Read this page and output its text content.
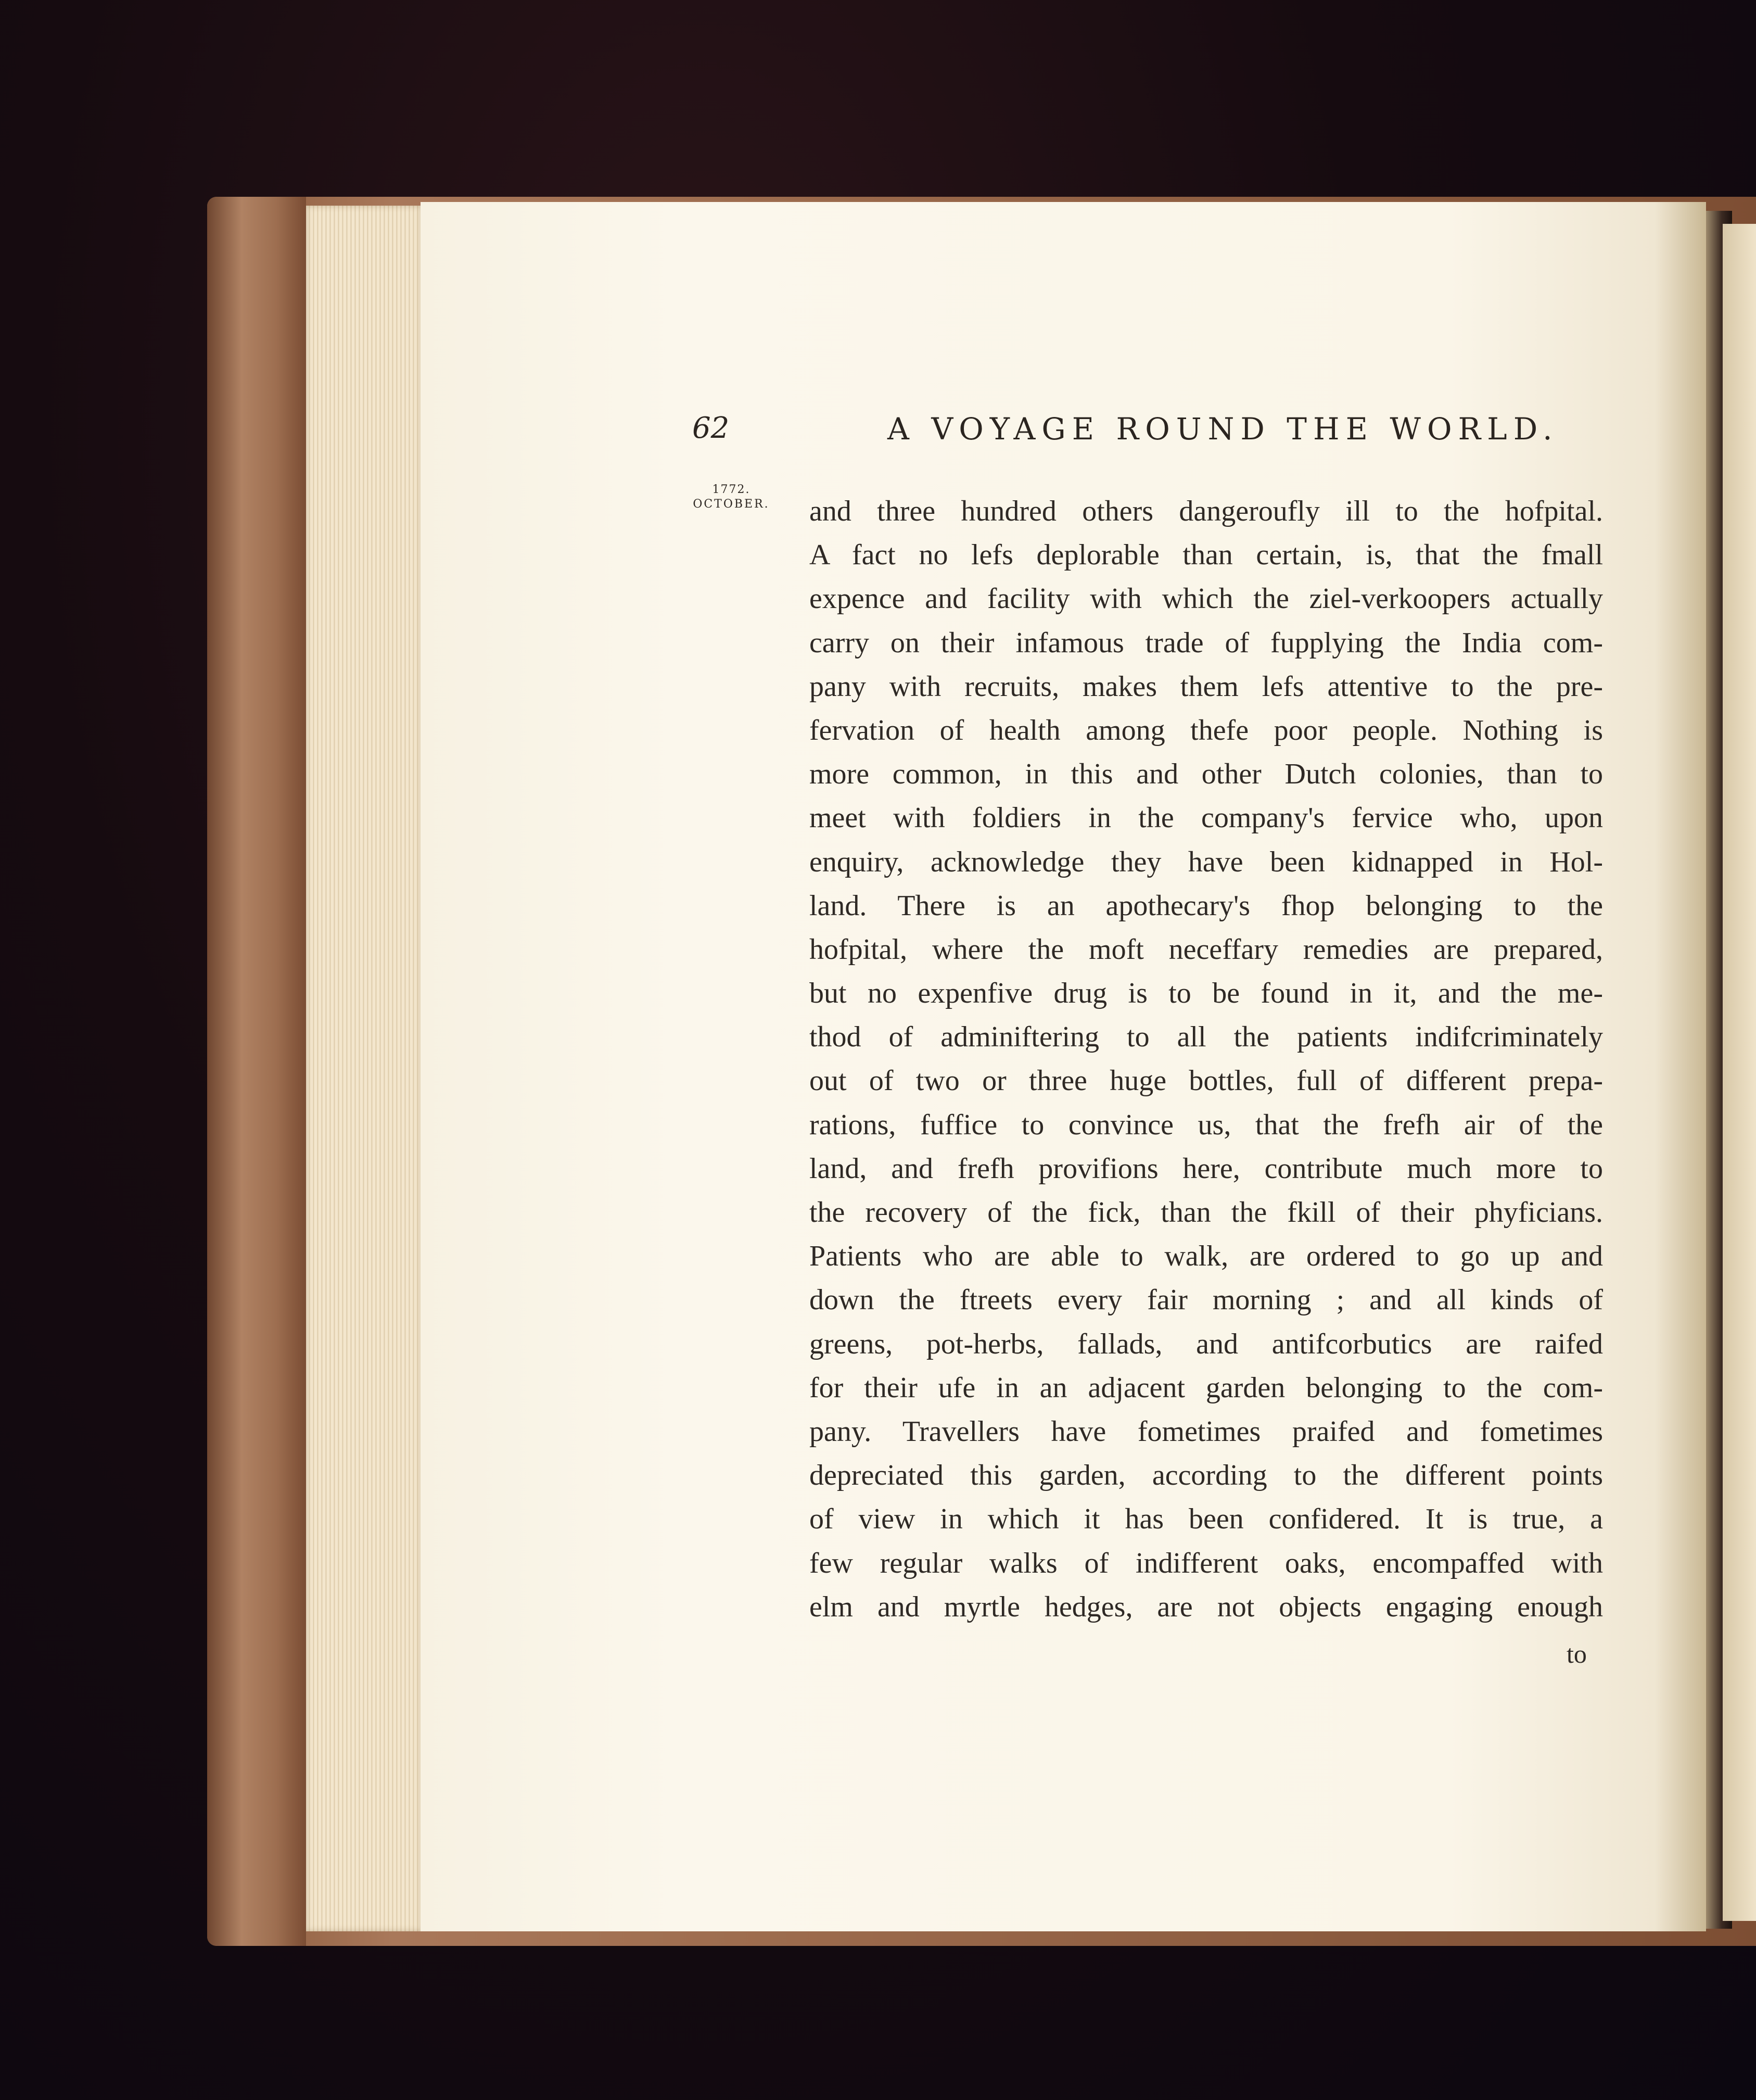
62	A VOYAGE ROUND THE WORLD.
1772.
OCTOBER.	and three hundred others dangeroufly ill to the hofpital.
A fact no lefs deplorable than certain, is, that the fmall
expence and facility with which the ziel-verkoopers actually
carry on their infamous trade of fupplying the India com-
pany with recruits, makes them lefs attentive to the pre-
fervation of health among thefe poor people. Nothing is
more common, in this and other Dutch colonies, than to
meet with foldiers in the company's fervice who, upon
enquiry, acknowledge they have been kidnapped in Hol-
land. There is an apothecary's fhop belonging to the
hofpital, where the moft neceffary remedies are prepared,
but no expenfive drug is to be found in it, and the me-
thod of adminiftering to all the patients indifcriminately
out of two or three huge bottles, full of different prepa-
rations, fuffice to convince us, that the frefh air of the
land, and frefh provifions here, contribute much more to
the recovery of the fick, than the fkill of their phyficians.
Patients who are able to walk, are ordered to go up and
down the ftreets every fair morning ; and all kinds of
greens, pot-herbs, fallads, and antifcorbutics are raifed
for their ufe in an adjacent garden belonging to the com-
pany. Travellers have fometimes praifed and fometimes
depreciated this garden, according to the different points
of view in which it has been confidered. It is true, a
few regular walks of indifferent oaks, encompaffed with
elm and myrtle hedges, are not objects engaging enough
to
